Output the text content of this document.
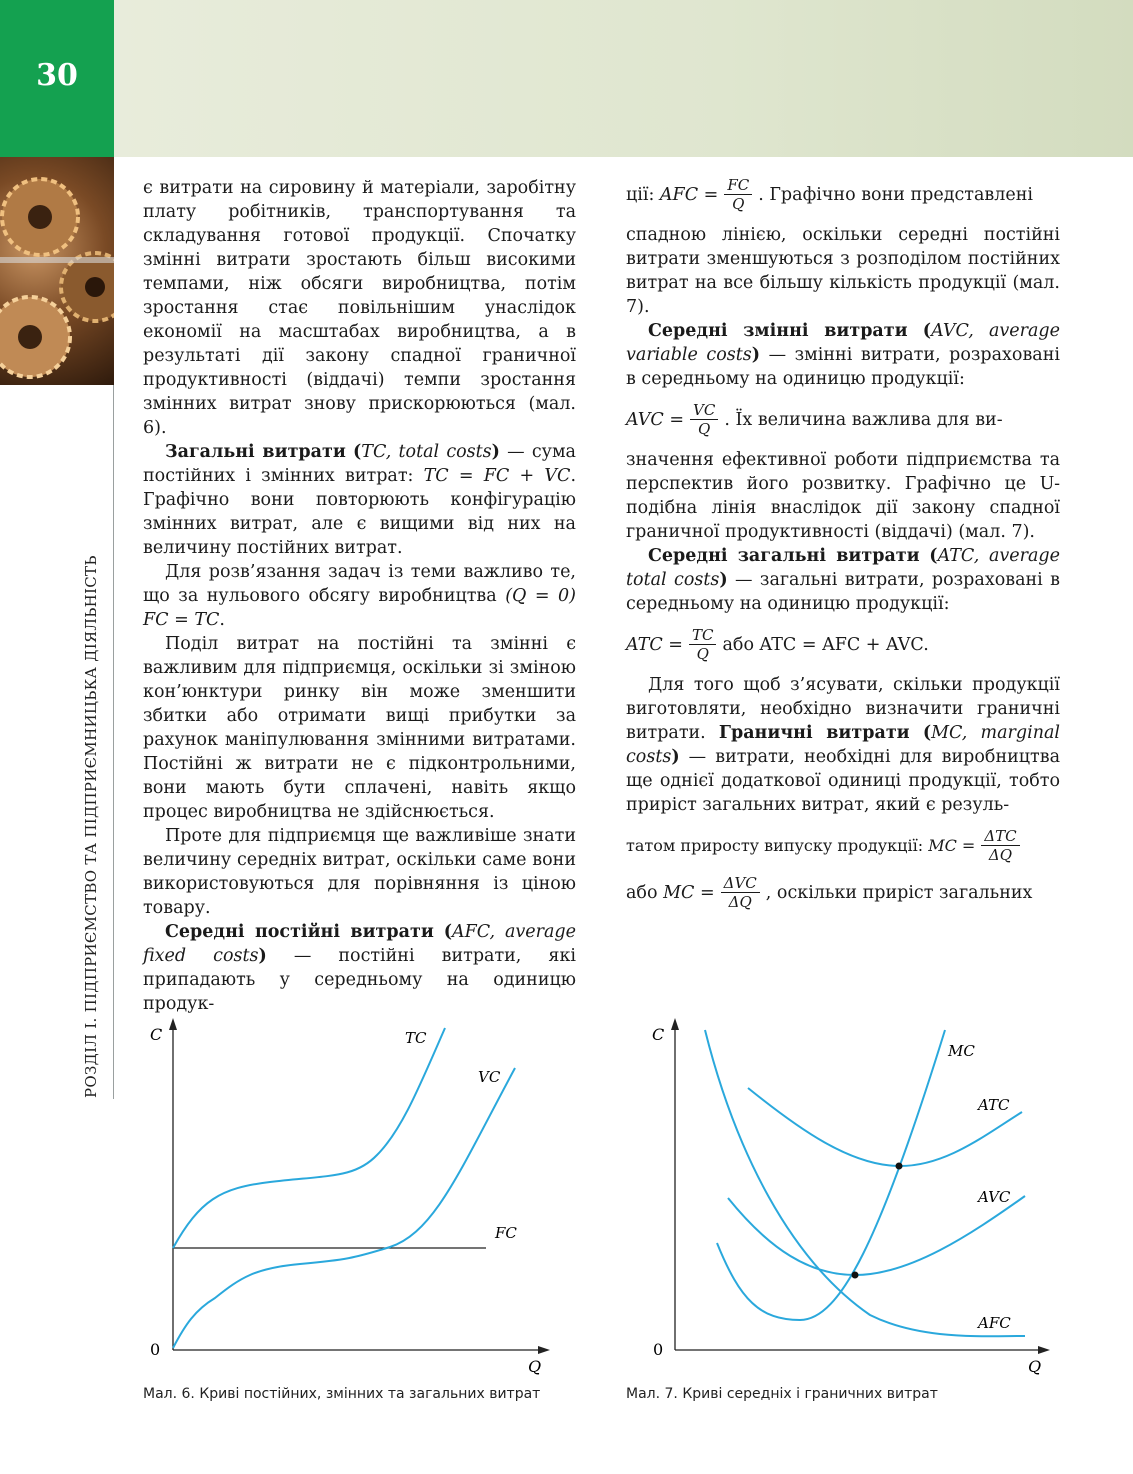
30
РОЗДІЛ І. ПІДПРИЄМСТВО ТА ПІДПРИЄМНИЦЬКА ДІЯЛЬНІСТЬ

є витрати на сировину й матеріали, заробітну плату робітників, транспортування та складування готової продукції. Спочатку змінні витрати зростають більш високими темпами, ніж обсяги виробництва, потім зростання стає повільнішим унаслідок економії на масштабах виробництва, а в результаті дії закону спадної граничної продуктивності (віддачі) темпи зростання змінних витрат знову прискорюються (мал. 6).

Загальні витрати (TC, total costs) — сума постійних і змінних витрат: TC = FC + VC. Графічно вони повторюють конфігурацію змінних витрат, але є вищими від них на величину постійних витрат.

Для розв’язання задач із теми важливо те, що за нульового обсягу виробництва (Q = 0) FC = TC.

Поділ витрат на постійні та змінні є важливим для підприємця, оскільки зі зміною кон’юнктури ринку він може зменшити збитки або отримати вищі прибутки за рахунок маніпулювання змінними витратами. Постійні ж витрати не є підконтрольними, вони мають бути сплачені, навіть якщо процес виробництва не здійснюється.

Проте для підприємця ще важливіше знати величину середніх витрат, оскільки саме вони використовуються для порівняння із ціною товару.

Середні постійні витрати (AFC, average fixed costs) — постійні витрати, які припадають у середньому на одиницю продук-

ції:
AFC = $\frac{FC}{Q}$ . Графічно вони представлені

спадною лінією, оскільки середні постійні витрати зменшуються з розподілом постійних витрат на все більшу кількість продукції (мал. 7).

Середні змінні витрати (AVC, average variable costs) — змінні витрати, розраховані в середньому на одиницю продукції:

AVC = $\frac{VC}{Q}$ . Їх величина важлива для ви-

значення ефективної роботи підприємства та перспектив його розвитку. Графічно це U-подібна лінія внаслідок дії закону спадної граничної продуктивності (віддачі) (мал. 7).

Середні загальні витрати (ATC, average total costs) — загальні витрати, розраховані в середньому на одиницю продукції:

ATC = $\frac{TC}{Q}$ або ATC = AFC + AVC.

Для того щоб з’ясувати, скільки продукції виготовляти, необхідно визначити граничні витрати. Граничні витрати (MC, marginal costs) — витрати, необхідні для виробництва ще однієї додаткової одиниці продукції, тобто приріст загальних витрат, який є резуль-

татом приросту випуску продукції:
MC = $\frac{\text{ΔTC}}{\Delta Q}$
або
MC = $\frac{\text{ΔVC}}{\Delta Q}$ , оскільки приріст загальних
C
0
Q
TC
VC
FC
Мал. 6. Криві постійних, змінних та загальних витрат
C
0
Q
MC
ATC
AVC
AFC
Мал. 7. Криві середніх і граничних витрат
